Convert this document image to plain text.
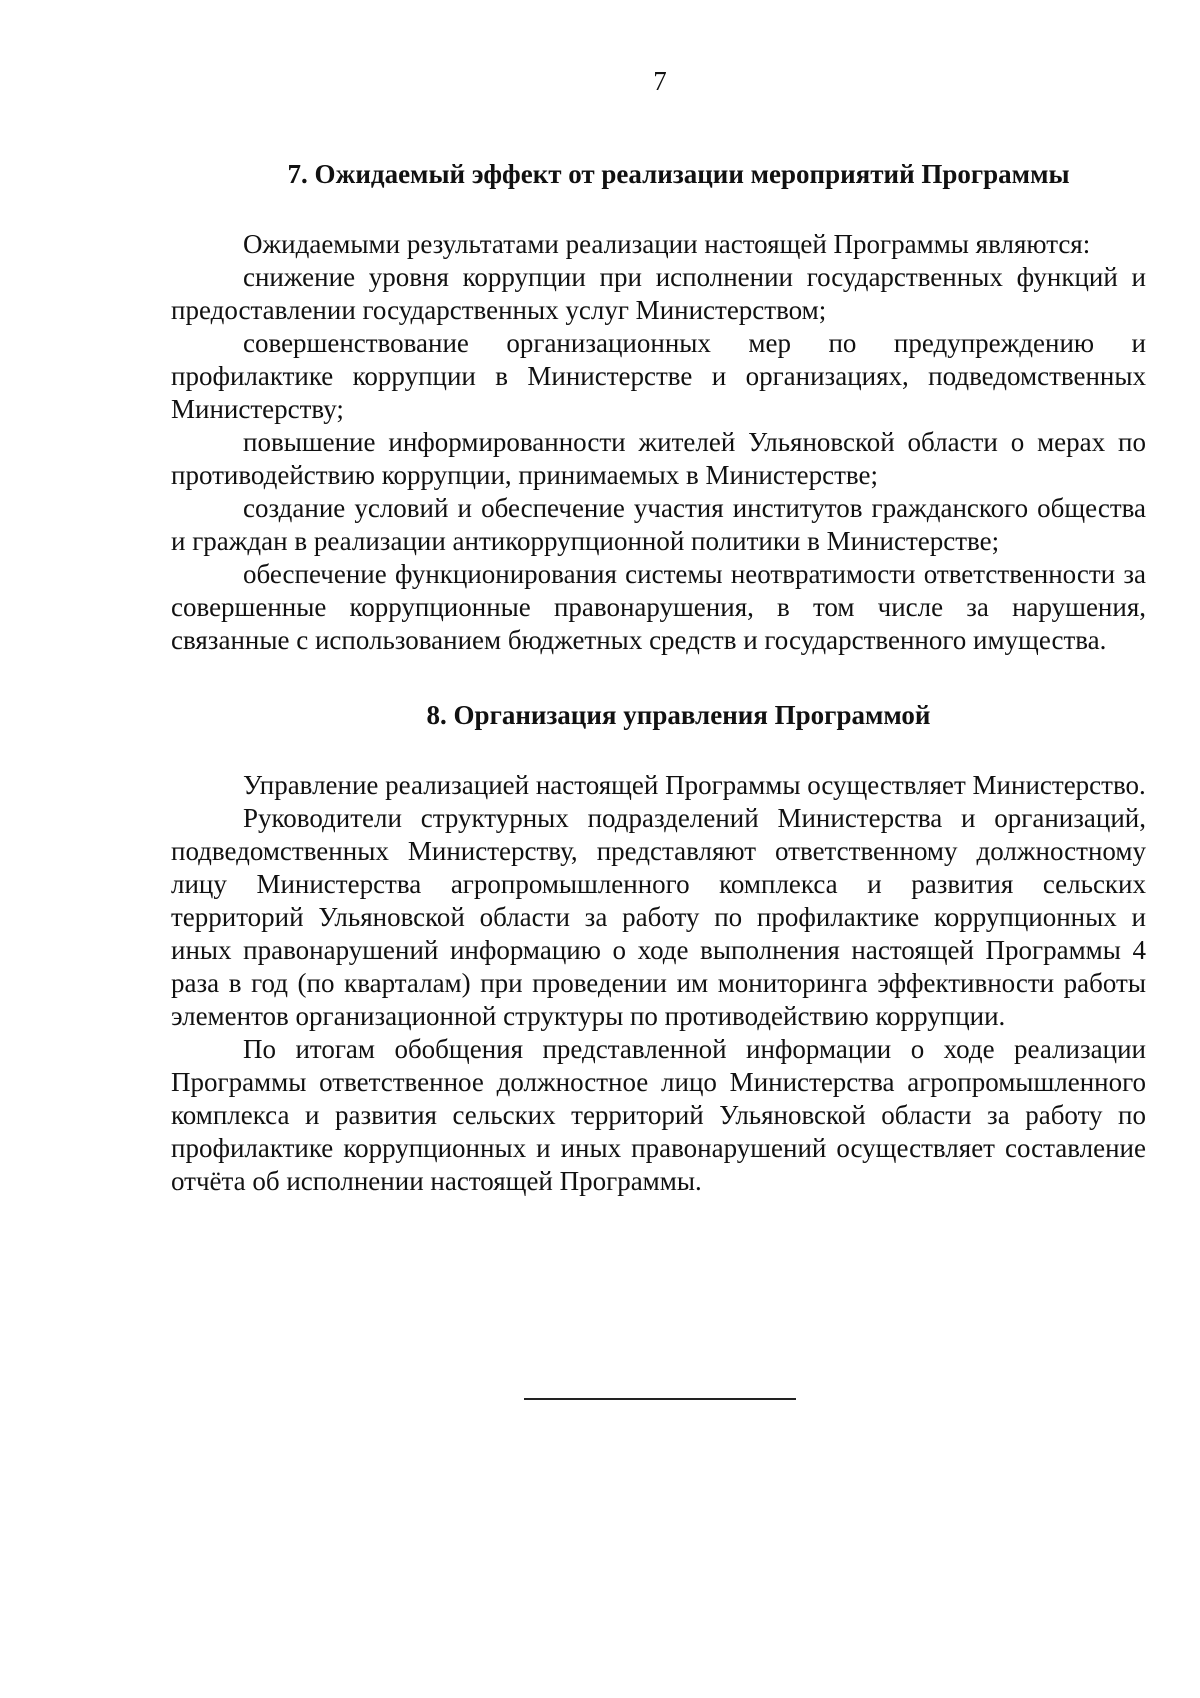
7
7. Ожидаемый эффект от реализации мероприятий Программы

Ожидаемыми результатами реализации настоящей Программы являются:

снижение уровня коррупции при исполнении государственных функций и предоставлении государственных услуг Министерством;

совершенствование организационных мер по предупреждению и профилактике коррупции в Министерстве и организациях, подведомственных Министерству;

повышение информированности жителей Ульяновской области о мерах по противодействию коррупции, принимаемых в Министерстве;

создание условий и обеспечение участия институтов гражданского общества и граждан в реализации антикоррупционной политики в Министерстве;

обеспечение функционирования системы неотвратимости ответственности за совершенные коррупционные правонарушения, в том числе за нарушения, связанные с использованием бюджетных средств и государственного имущества.

8. Организация управления Программой

Управление реализацией настоящей Программы осуществляет Министерство.

Руководители структурных подразделений Министерства и организаций, подведомственных Министерству, представляют ответственному должностному лицу Министерства агропромышленного комплекса и развития сельских территорий Ульяновской области за работу по профилактике коррупционных и иных правонарушений информацию о ходе выполнения настоящей Программы 4 раза в год (по кварталам) при проведении им мониторинга эффективности работы элементов организационной структуры по противодействию коррупции.

По итогам обобщения представленной информации о ходе реализации Программы ответственное должностное лицо Министерства агропромышленного комплекса и развития сельских территорий Ульяновской области за работу по профилактике коррупционных и иных правонарушений осуществляет составление отчёта об исполнении настоящей Программы.
